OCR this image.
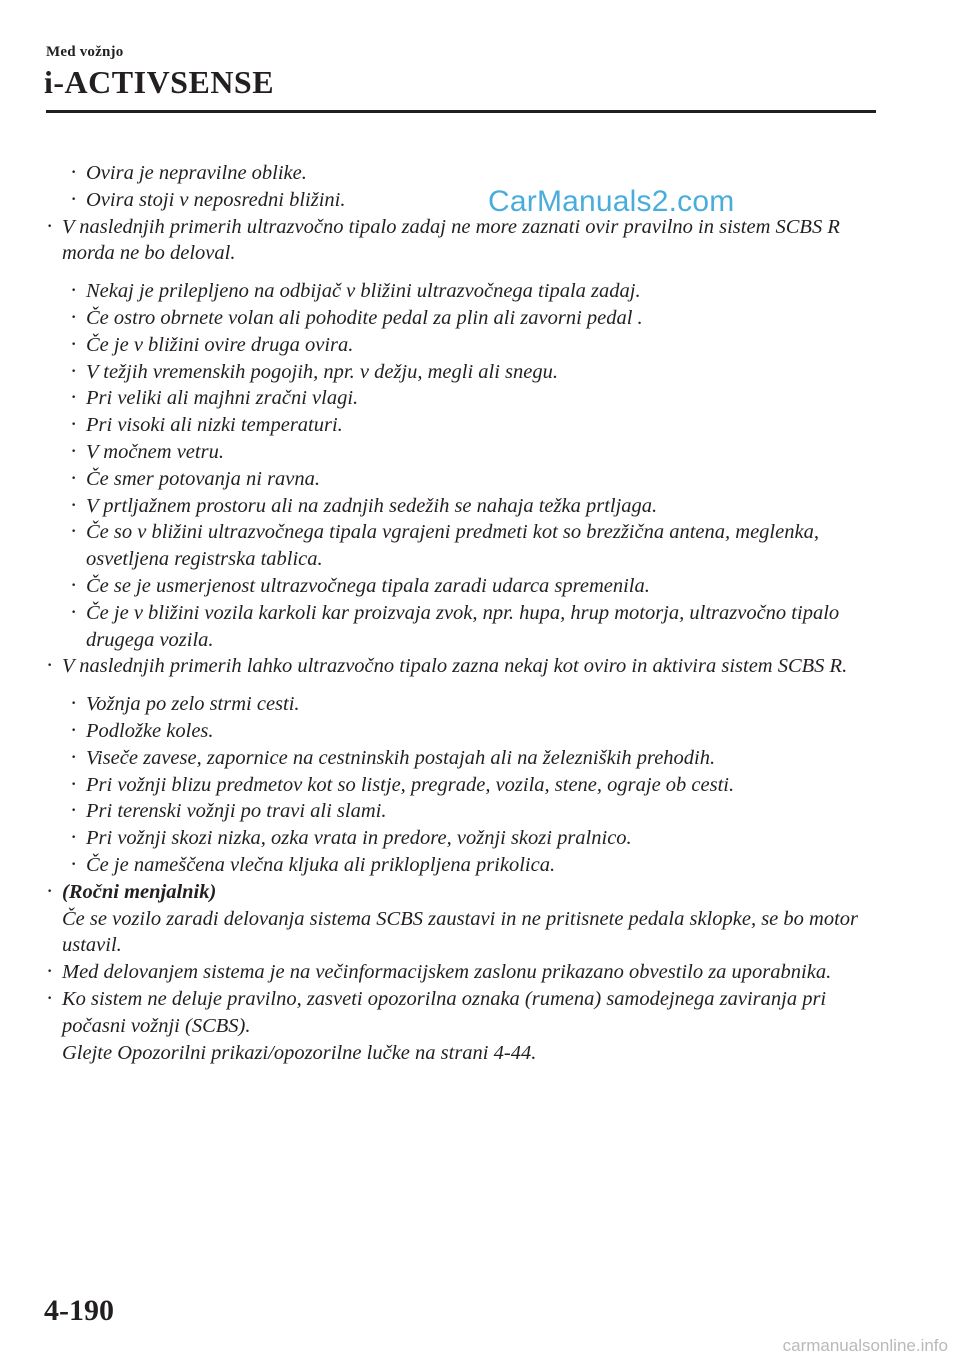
Med vožnjo
i-ACTIVSENSE
CarManuals2.com
· Ovira je nepravilne oblike.
· Ovira stoji v neposredni bližini.
· V naslednjih primerih ultrazvočno tipalo zadaj ne more zaznati ovir pravilno in sistem SCBS R morda ne bo deloval.
· Nekaj je prilepljeno na odbijač v bližini ultrazvočnega tipala zadaj.
· Če ostro obrnete volan ali pohodite pedal za plin ali zavorni pedal .
· Če je v bližini ovire druga ovira.
· V težjih vremenskih pogojih, npr. v dežju, megli ali snegu.
· Pri veliki ali majhni zračni vlagi.
· Pri visoki ali nizki temperaturi.
· V močnem vetru.
· Če smer potovanja ni ravna.
· V prtljažnem prostoru ali na zadnjih sedežih se nahaja težka prtljaga.
· Če so v bližini ultrazvočnega tipala vgrajeni predmeti kot so brezžična antena, meglenka, osvetljena registrska tablica.
· Če se je usmerjenost ultrazvočnega tipala zaradi udarca spremenila.
· Če je v bližini vozila karkoli kar proizvaja zvok, npr. hupa, hrup motorja, ultrazvočno tipalo drugega vozila.
· V naslednjih primerih lahko ultrazvočno tipalo zazna nekaj kot oviro in aktivira sistem SCBS R.
· Vožnja po zelo strmi cesti.
· Podložke koles.
· Viseče zavese, zapornice na cestninskih postajah ali na železniških prehodih.
· Pri vožnji blizu predmetov kot so listje, pregrade, vozila, stene, ograje ob cesti.
· Pri terenski vožnji po travi ali slami.
· Pri vožnji skozi nizka, ozka vrata in predore, vožnji skozi pralnico.
· Če je nameščena vlečna kljuka ali priklopljena prikolica.
· (Ročni menjalnik)
Če se vozilo zaradi delovanja sistema SCBS zaustavi in ne pritisnete pedala sklopke, se bo motor ustavil.
· Med delovanjem sistema je na večinformacijskem zaslonu prikazano obvestilo za uporabnika.
· Ko sistem ne deluje pravilno, zasveti opozorilna oznaka (rumena) samodejnega zaviranja pri počasni vožnji (SCBS).
Glejte Opozorilni prikazi/opozorilne lučke na strani 4-44.
4-190
carmanualsonline.info
